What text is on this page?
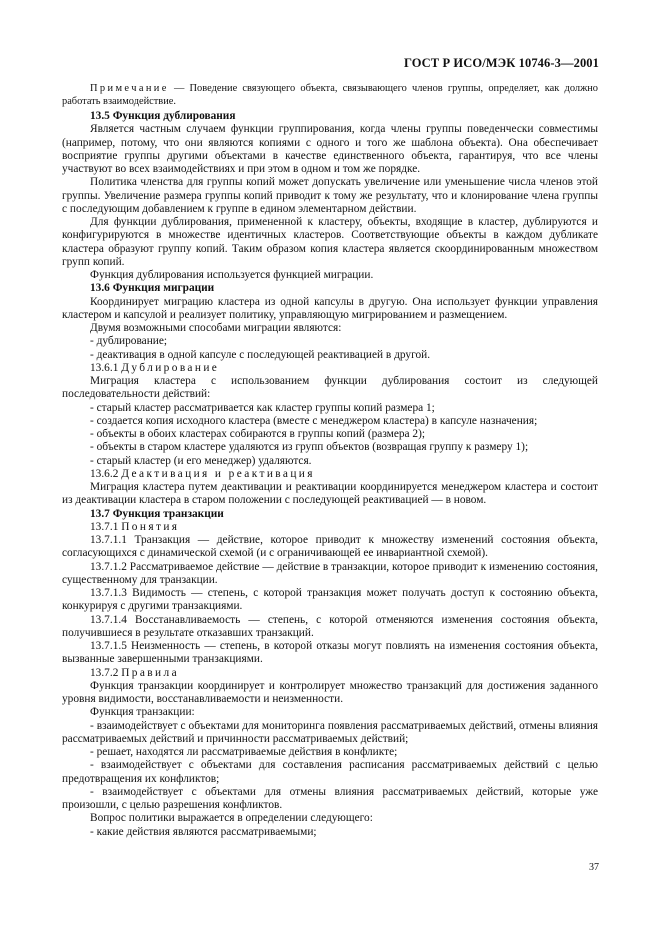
ГОСТ Р ИСО/МЭК 10746-3—2001

Примечание — Поведение связующего объекта, связывающего членов группы, определяет, как должно работать взаимодействие.

13.5 Функция дублирования

Является частным случаем функции группирования, когда члены группы поведенчески совместимы (например, потому, что они являются копиями с одного и того же шаблона объекта). Она обеспечивает восприятие группы другими объектами в качестве единственного объекта, гарантируя, что все члены участвуют во всех взаимодействиях и при этом в одном и том же порядке.

Политика членства для группы копий может допускать увеличение или уменьшение числа членов этой группы. Увеличение размера группы копий приводит к тому же результату, что и клонирование члена группы с последующим добавлением к группе в едином элементарном действии.

Для функции дублирования, примененной к кластеру, объекты, входящие в кластер, дублируются и конфигурируются в множестве идентичных кластеров. Соответствующие объекты в каждом дубликате кластера образуют группу копий. Таким образом копия кластера является скоординированным множеством групп копий.

Функция дублирования используется функцией миграции.

13.6 Функция миграции

Координирует миграцию кластера из одной капсулы в другую. Она использует функции управления кластером и капсулой и реализует политику, управляющую мигрированием и размещением.

Двумя возможными способами миграции являются:

- дублирование;

- деактивация в одной капсуле с последующей реактивацией в другой.

13.6.1 Дублирование

Миграция кластера с использованием функции дублирования состоит из следующей последовательности действий:

- старый кластер рассматривается как кластер группы копий размера 1;

- создается копия исходного кластера (вместе с менеджером кластера) в капсуле назначения;

- объекты в обоих кластерах собираются в группы копий (размера 2);

- объекты в старом кластере удаляются из групп объектов (возвращая группу к размеру 1);

- старый кластер (и его менеджер) удаляются.

13.6.2 Деактивация и реактивация

Миграция кластера путем деактивации и реактивации координируется менеджером кластера и состоит из деактивации кластера в старом положении с последующей реактивацией — в новом.

13.7 Функция транзакции

13.7.1 Понятия

13.7.1.1 Транзакция — действие, которое приводит к множеству изменений состояния объекта, согласующихся с динамической схемой (и с ограничивающей ее инвариантной схемой).

13.7.1.2 Рассматриваемое действие — действие в транзакции, которое приводит к изменению состояния, существенному для транзакции.

13.7.1.3 Видимость — степень, с которой транзакция может получать доступ к состоянию объекта, конкурируя с другими транзакциями.

13.7.1.4 Восстанавливаемость — степень, с которой отменяются изменения состояния объекта, получившиеся в результате отказавших транзакций.

13.7.1.5 Неизменность — степень, в которой отказы могут повлиять на изменения состояния объекта, вызванные завершенными транзакциями.

13.7.2 Правила

Функция транзакции координирует и контролирует множество транзакций для достижения заданного уровня видимости, восстанавливаемости и неизменности.

Функция транзакции:

- взаимодействует с объектами для мониторинга появления рассматриваемых действий, отмены влияния рассматриваемых действий и причинности рассматриваемых действий;

- решает, находятся ли рассматриваемые действия в конфликте;

- взаимодействует с объектами для составления расписания рассматриваемых действий с целью предотвращения их конфликтов;

- взаимодействует с объектами для отмены влияния рассматриваемых действий, которые уже произошли, с целью разрешения конфликтов.

Вопрос политики выражается в определении следующего:

- какие действия являются рассматриваемыми;

37
